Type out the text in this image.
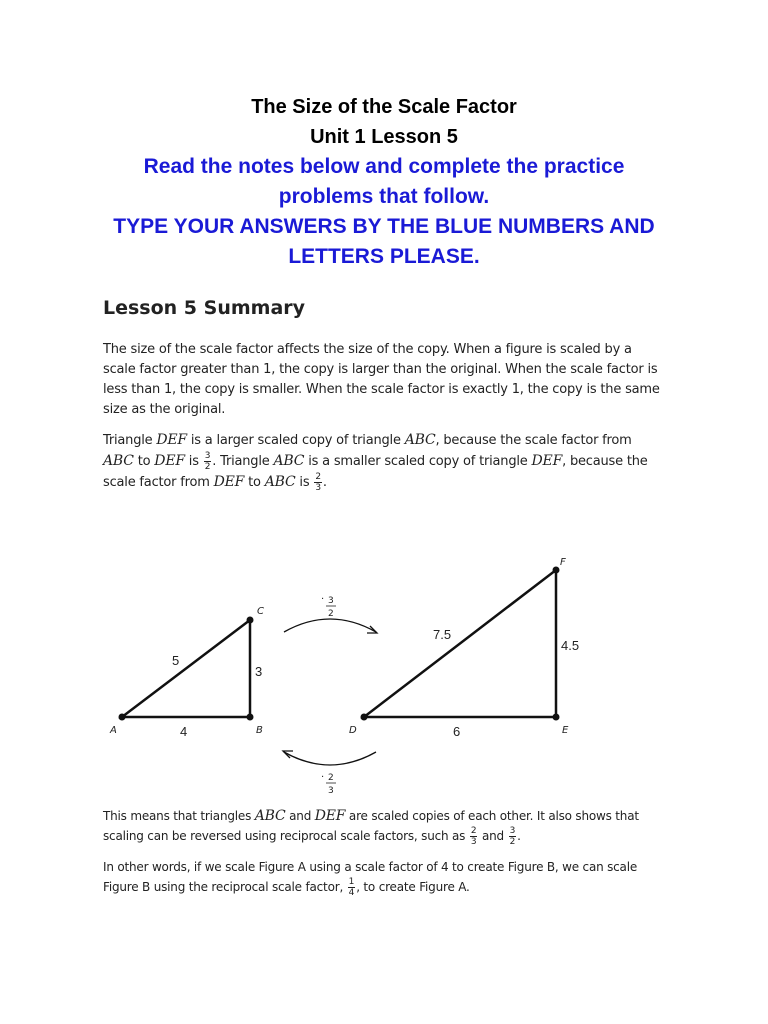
The Size of the Scale Factor
Unit 1 Lesson 5
Read the notes below and complete the practice problems that follow.
TYPE YOUR ANSWERS BY THE BLUE NUMBERS AND LETTERS PLEASE.
Lesson 5 Summary

The size of the scale factor affects the size of the copy. When a figure is scaled by a scale factor greater than 1, the copy is larger than the original. When the scale factor is less than 1, the copy is smaller. When the scale factor is exactly 1, the copy is the same size as the original.

Triangle DEF is a larger scaled copy of triangle ABC, because the scale factor from ABC to DEF is $\frac{3}{2}$ . Triangle ABC is a smaller scaled copy of triangle DEF, because the scale factor from DEF to ABC is $\frac{2}{3}$ .

A	B
C
5
4
3
D	E
F
7.5
6
4.5
· 3
2
· 2
3

This means that triangles ABC and DEF are scaled copies of each other. It also shows that scaling can be reversed using reciprocal scale factors, such as $\frac{2}{3}$ and $\frac{3}{2}$ .

In other words, if we scale Figure A using a scale factor of 4 to create Figure B, we can scale Figure B using the reciprocal scale factor, $\frac{1}{4}$ , to create Figure A.
